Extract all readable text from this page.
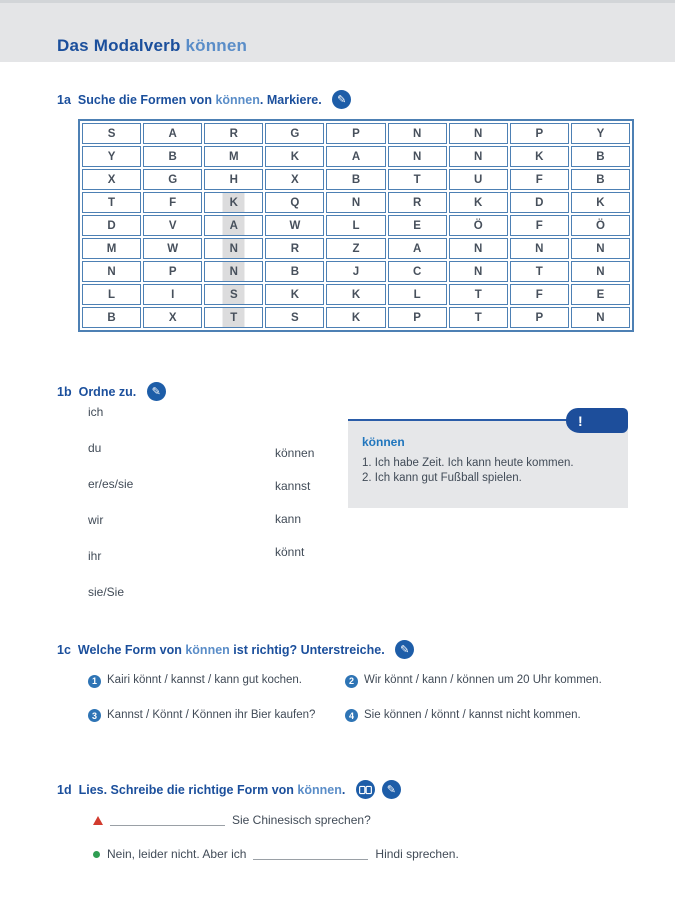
Das Modalverb können
1a Suche die Formen von können. Markiere.	✎
S	A	R	G	P	N	N	P	Y
Y	B	M	K	A	N	N	K	B
X	G	H	X	B	T	U	F	B
T	F	K	Q	N	R	K	D	K
D	V	A	W	L	E	Ö	F	Ö
M	W	N	R	Z	A	N	N	N
N	P	N	B	J	C	N	T	N
L	I	S	K	K	L	T	F	E
B	X	T	S	K	P	T	P	N
1b Ordne zu.	✎
ich
du
er/es/sie
wir
ihr
sie/Sie
können
kannst
kann
könnt
!
können
1. Ich habe Zeit. Ich kann heute kommen.
2. Ich kann gut Fußball spielen.
1c Welche Form von können ist richtig? Unterstreiche.	✎
1 Kairi könnt / kannst / kann gut kochen.	2 Wir könnt / kann / können um 20 Uhr kommen.
3 Kannst / Könnt / Können ihr Bier kaufen?	4 Sie können / könnt / kannst nicht kommen.
1d Lies. Schreibe die richtige Form von können.	✎
Sie Chinesisch sprechen?
Nein, leider nicht. Aber ich	Hindi sprechen.
